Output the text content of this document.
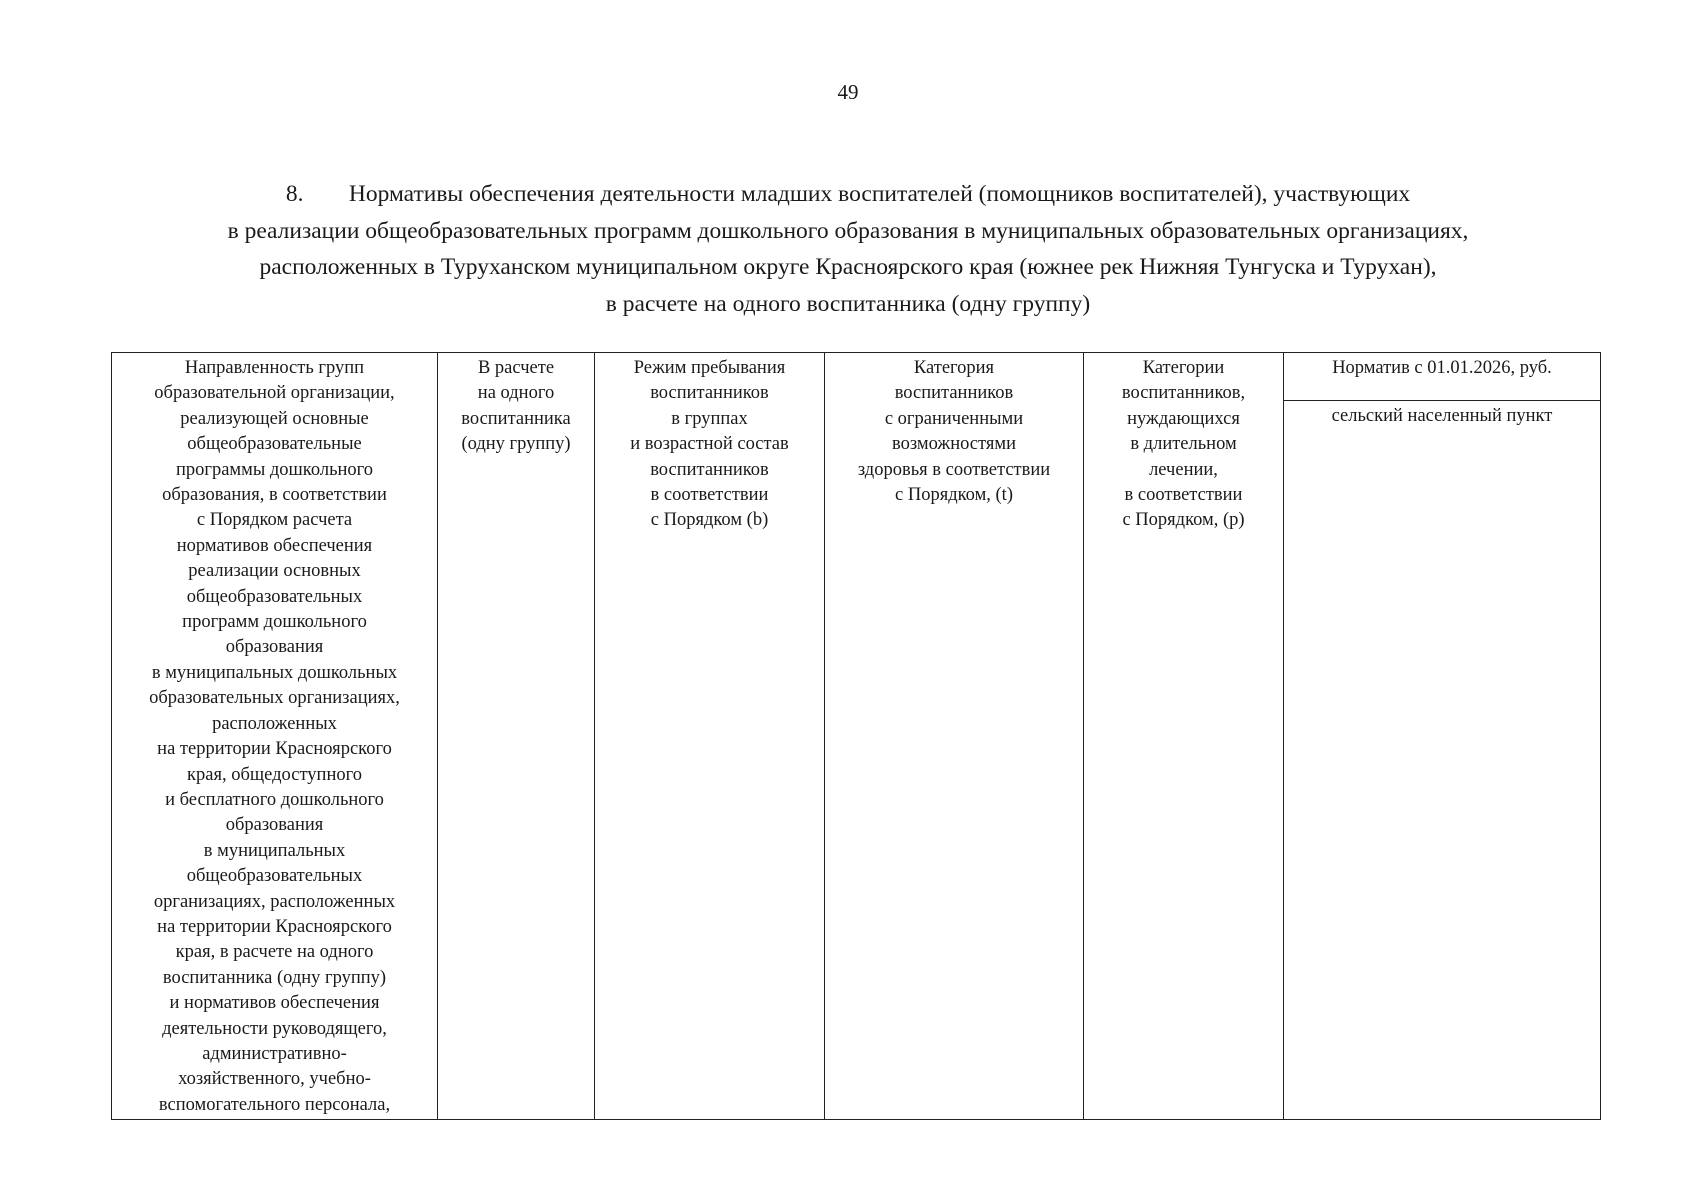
49
8. Нормативы обеспечения деятельности младших воспитателей (помощников воспитателей), участвующих
в реализации общеобразовательных программ дошкольного образования в муниципальных образовательных организациях,
расположенных в Туруханском муниципальном округе Красноярского края (южнее рек Нижняя Тунгуска и Турухан),
в расчете на одного воспитанника (одну группу)
Направленность групп
образовательной организации,
реализующей основные
общеобразовательные
программы дошкольного
образования, в соответствии
с Порядком расчета
нормативов обеспечения
реализации основных
общеобразовательных
программ дошкольного
образования
в муниципальных дошкольных
образовательных организациях,
расположенных
на территории Красноярского
края, общедоступного
и бесплатного дошкольного
образования
в муниципальных
общеобразовательных
организациях, расположенных
на территории Красноярского
края, в расчете на одного
воспитанника (одну группу)
и нормативов обеспечения
деятельности руководящего,
административно-
хозяйственного, учебно-
вспомогательного персонала,

В расчете
на одного
воспитанника
(одну группу)

Режим пребывания
воспитанников
в группах
и возрастной состав
воспитанников
в соответствии
с Порядком (b)

Категория
воспитанников
с ограниченными
возможностями
здоровья в соответствии
с Порядком, (t)

Категории
воспитанников,
нуждающихся
в длительном
лечении,
в соответствии
с Порядком, (p)

Норматив с 01.01.2026, руб.

сельский населенный пункт
